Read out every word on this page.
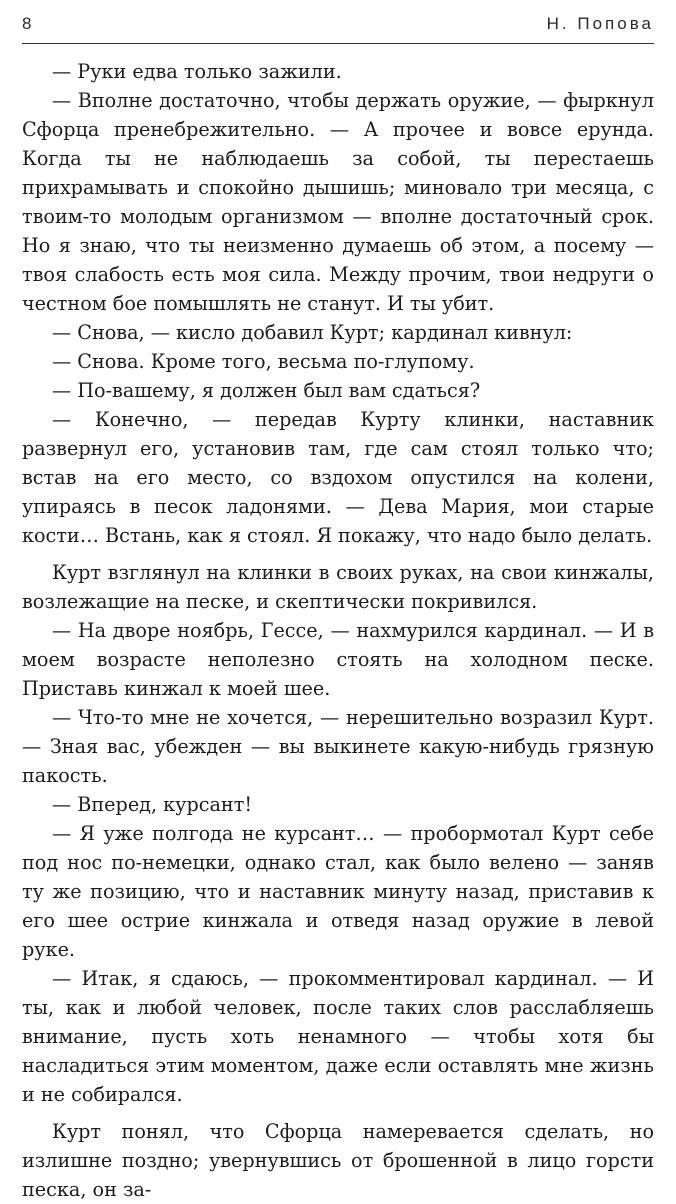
8	Н. Попова

— Руки едва только зажили.

— Вполне достаточно, чтобы держать оружие, — фыркнул Сфорца пренебрежительно. — А прочее и вовсе ерунда. Когда ты не наблюдаешь за собой, ты перестаешь прихрамывать и спокойно дышишь; миновало три месяца, с твоим-то молодым организмом — вполне достаточный срок. Но я знаю, что ты неизменно думаешь об этом, а посему — твоя слабость есть моя сила. Между прочим, твои недруги о честном бое помышлять не станут. И ты убит.

— Снова, — кисло добавил Курт; кардинал кивнул:

— Снова. Кроме того, весьма по-глупому.

— По-вашему, я должен был вам сдаться?

— Конечно, — передав Курту клинки, наставник развернул его, установив там, где сам стоял только что; встав на его место, со вздохом опустился на колени, упираясь в песок ладонями. — Дева Мария, мои старые кости… Встань, как я стоял. Я покажу, что надо было делать.

Курт взглянул на клинки в своих руках, на свои кинжалы, возлежащие на песке, и скептически покривился.

— На дворе ноябрь, Гессе, — нахмурился кардинал. — И в моем возрасте неполезно стоять на холодном песке. Приставь кинжал к моей шее.

— Что-то мне не хочется, — нерешительно возразил Курт. — Зная вас, убежден — вы выкинете какую-нибудь грязную пакость.

— Вперед, курсант!

— Я уже полгода не курсант… — пробормотал Курт себе под нос по-немецки, однако стал, как было велено — заняв ту же позицию, что и наставник минуту назад, приставив к его шее острие кинжала и отведя назад оружие в левой руке.

— Итак, я сдаюсь, — прокомментировал кардинал. — И ты, как и любой человек, после таких слов расслабляешь внимание, пусть хоть ненамного — чтобы хотя бы насладиться этим моментом, даже если оставлять мне жизнь и не собирался.

Курт понял, что Сфорца намеревается сделать, но излишне поздно; увернувшись от брошенной в лицо горсти песка, он за-
